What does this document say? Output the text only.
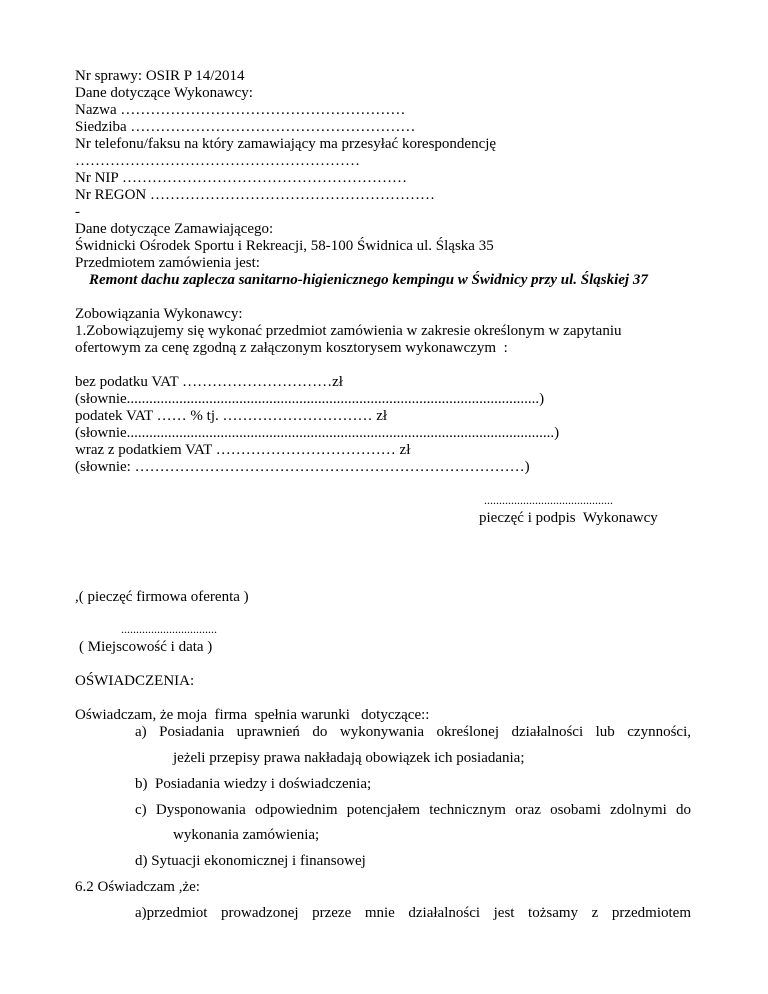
Nr sprawy: OSIR P 14/2014
Dane dotyczące Wykonawcy:
Nazwa …………………………………………………
Siedziba …………………………………………………
Nr telefonu/faksu na który zamawiający ma przesyłać korespondencję
…………………………………………………
Nr NIP …………………………………………………
Nr REGON …………………………………………………
-
Dane dotyczące Zamawiającego:
Świdnicki Ośrodek Sportu i Rekreacji, 58-100 Świdnica ul. Śląska 35
Przedmiotem zamówienia jest:
Remont dachu zaplecza sanitarno-higienicznego kempingu w Świdnicy przy ul. Śląskiej 37
Zobowiązania Wykonawcy:
1.Zobowiązujemy się wykonać przedmiot zamówienia w zakresie określonym w zapytaniu
ofertowym za cenę zgodną z załączonym kosztorysem wykonawczym  :
bez podatku VAT …………………………zł
(słownie..............................................................................................................)
podatek VAT …… % tj. ………………………… zł
(słownie..................................................................................................................)
wraz z podatkiem VAT ……………………………… zł
(słownie: ……………………………………………………………………)
...........................................
pieczęć i podpis  Wykonawcy
,( pieczęć firmowa oferenta )
................................
( Miejscowość i data )
OŚWIADCZENIA:
Oświadczam, że moja  firma  spełnia warunki   dotyczące::
a) Posiadania uprawnień do wykonywania określonej działalności lub czynności,
jeżeli przepisy prawa nakładają obowiązek ich posiadania;
b)  Posiadania wiedzy i doświadczenia;
c) Dysponowania odpowiednim potencjałem technicznym oraz osobami zdolnymi do
wykonania zamówienia;
d) Sytuacji ekonomicznej i finansowej
6.2 Oświadczam ,że:
a)przedmiot prowadzonej przeze mnie działalności jest tożsamy z przedmiotem
